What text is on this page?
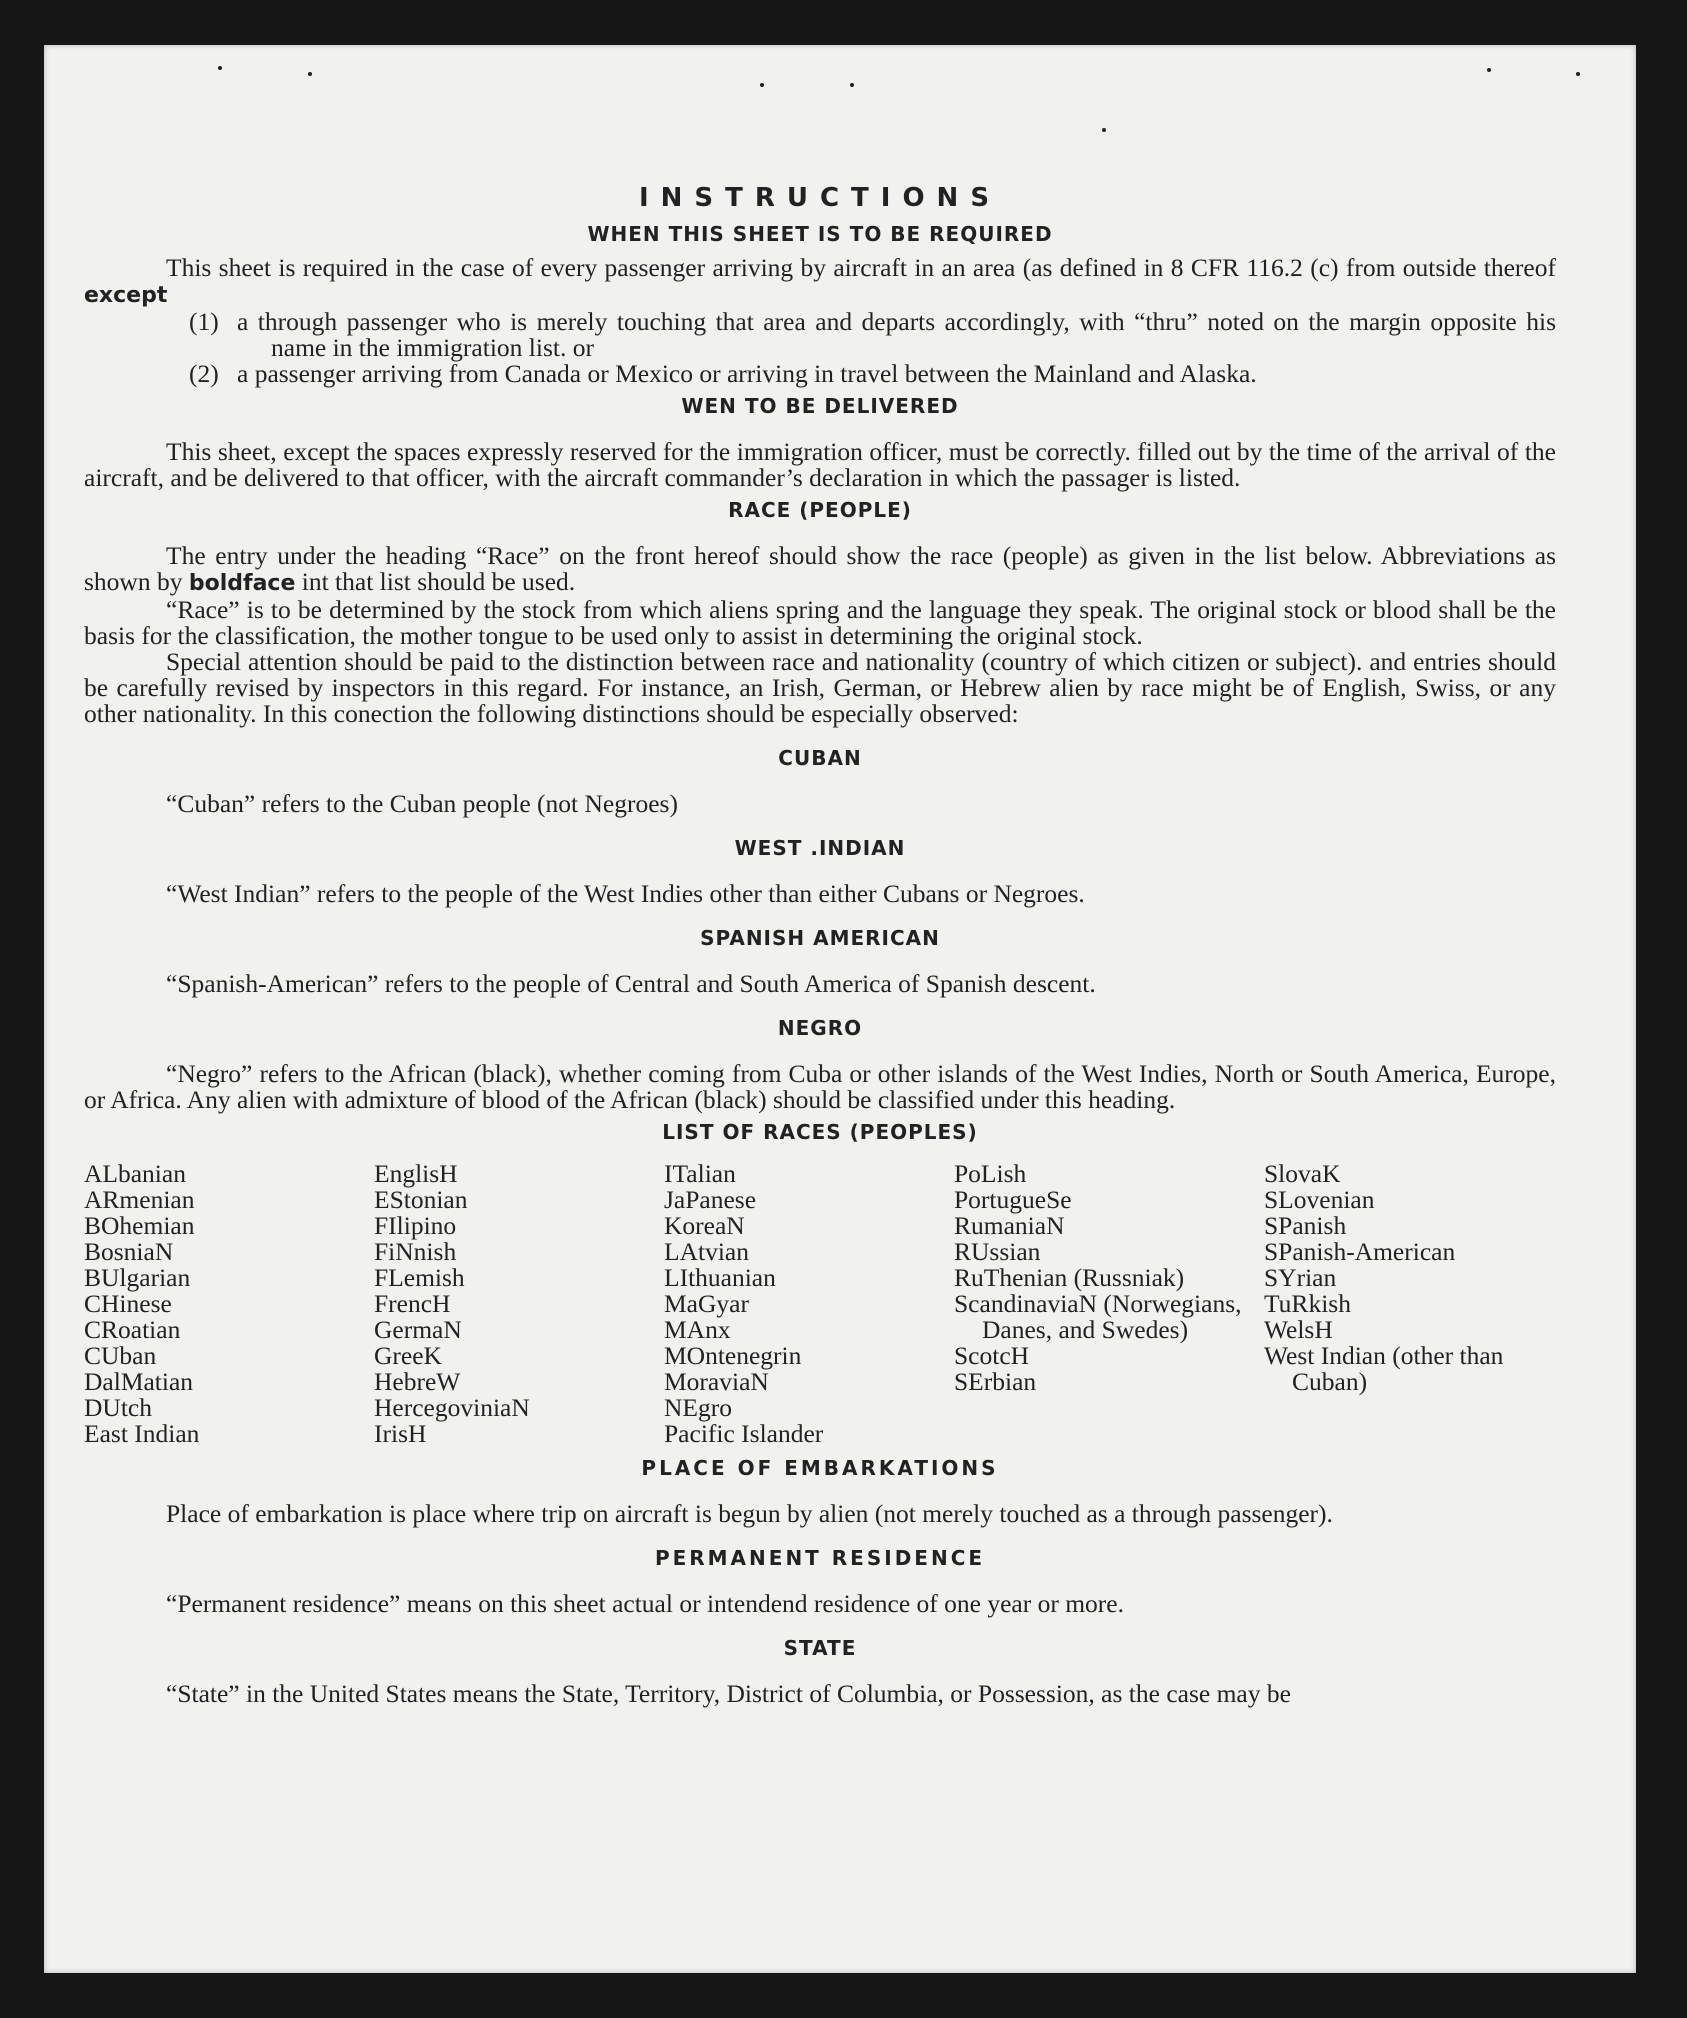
INSTRUCTIONS
WHEN THIS SHEET IS TO BE REQUIRED

This sheet is required in the case of every passenger arriving by aircraft in an area (as defined in 8 CFR 116.2 (c) from outside thereof except

(1) a through passenger who is merely touching that area and departs accordingly, with “thru” noted on the margin opposite his name in the immigration list. or

(2) a passenger arriving from Canada or Mexico or arriving in travel between the Mainland and Alaska.

WEN TO BE DELIVERED

This sheet, except the spaces expressly reserved for the immigration officer, must be correctly. filled out by the time of the arrival of the aircraft, and be delivered to that officer, with the aircraft commander’s declaration in which the passager is listed.

RACE (PEOPLE)

The entry under the heading “Race” on the front hereof should show the race (people) as given in the list below. Abbreviations as shown by boldface int that list should be used.

“Race” is to be determined by the stock from which aliens spring and the language they speak. The original stock or blood shall be the basis for the classification, the mother tongue to be used only to assist in determining the original stock.

Special attention should be paid to the distinction between race and nationality (country of which citizen or subject). and entries should be carefully revised by inspectors in this regard. For instance, an Irish, German, or Hebrew alien by race might be of English, Swiss, or any other nationality. In this conection the following distinctions should be especially observed:

CUBAN

“Cuban” refers to the Cuban people (not Negroes)

WEST .INDIAN

“West Indian” refers to the people of the West Indies other than either Cubans or Negroes.

SPANISH AMERICAN

“Spanish-American” refers to the people of Central and South America of Spanish descent.

NEGRO

“Negro” refers to the African (black), whether coming from Cuba or other islands of the West Indies, North or South America, Europe, or Africa. Any alien with admixture of blood of the African (black) should be classified under this heading.

LIST OF RACES (PEOPLES)
ALbanian
ARmenian
BOhemian
BosniaN
BUlgarian
CHinese
CRoatian
CUban
DalMatian
DUtch
East Indian
EnglisH
EStonian
FIlipino
FiNnish
FLemish
FrencH
GermaN
GreeK
HebreW
HercegoviniaN
IrisH
ITalian
JaPanese
KoreaN
LAtvian
LIthuanian
MaGyar
MAnx
MOntenegrin
MoraviaN
NEgro
Pacific Islander
PoLish
PortugueSe
RumaniaN
RUssian
RuThenian (Russniak)
ScandinaviaN (Norwegians, Danes, and Swedes)
ScotcH
SErbian
SlovaK
SLovenian
SPanish
SPanish-American
SYrian
TuRkish
WelsH
West Indian (other than Cuban)
PLACE OF EMBARKATIONS

Place of embarkation is place where trip on aircraft is begun by alien (not merely touched as a through passenger).

PERMANENT RESIDENCE

“Permanent residence” means on this sheet actual or intendend residence of one year or more.

STATE

“State” in the United States means the State, Territory, District of Columbia, or Possession, as the case may be
